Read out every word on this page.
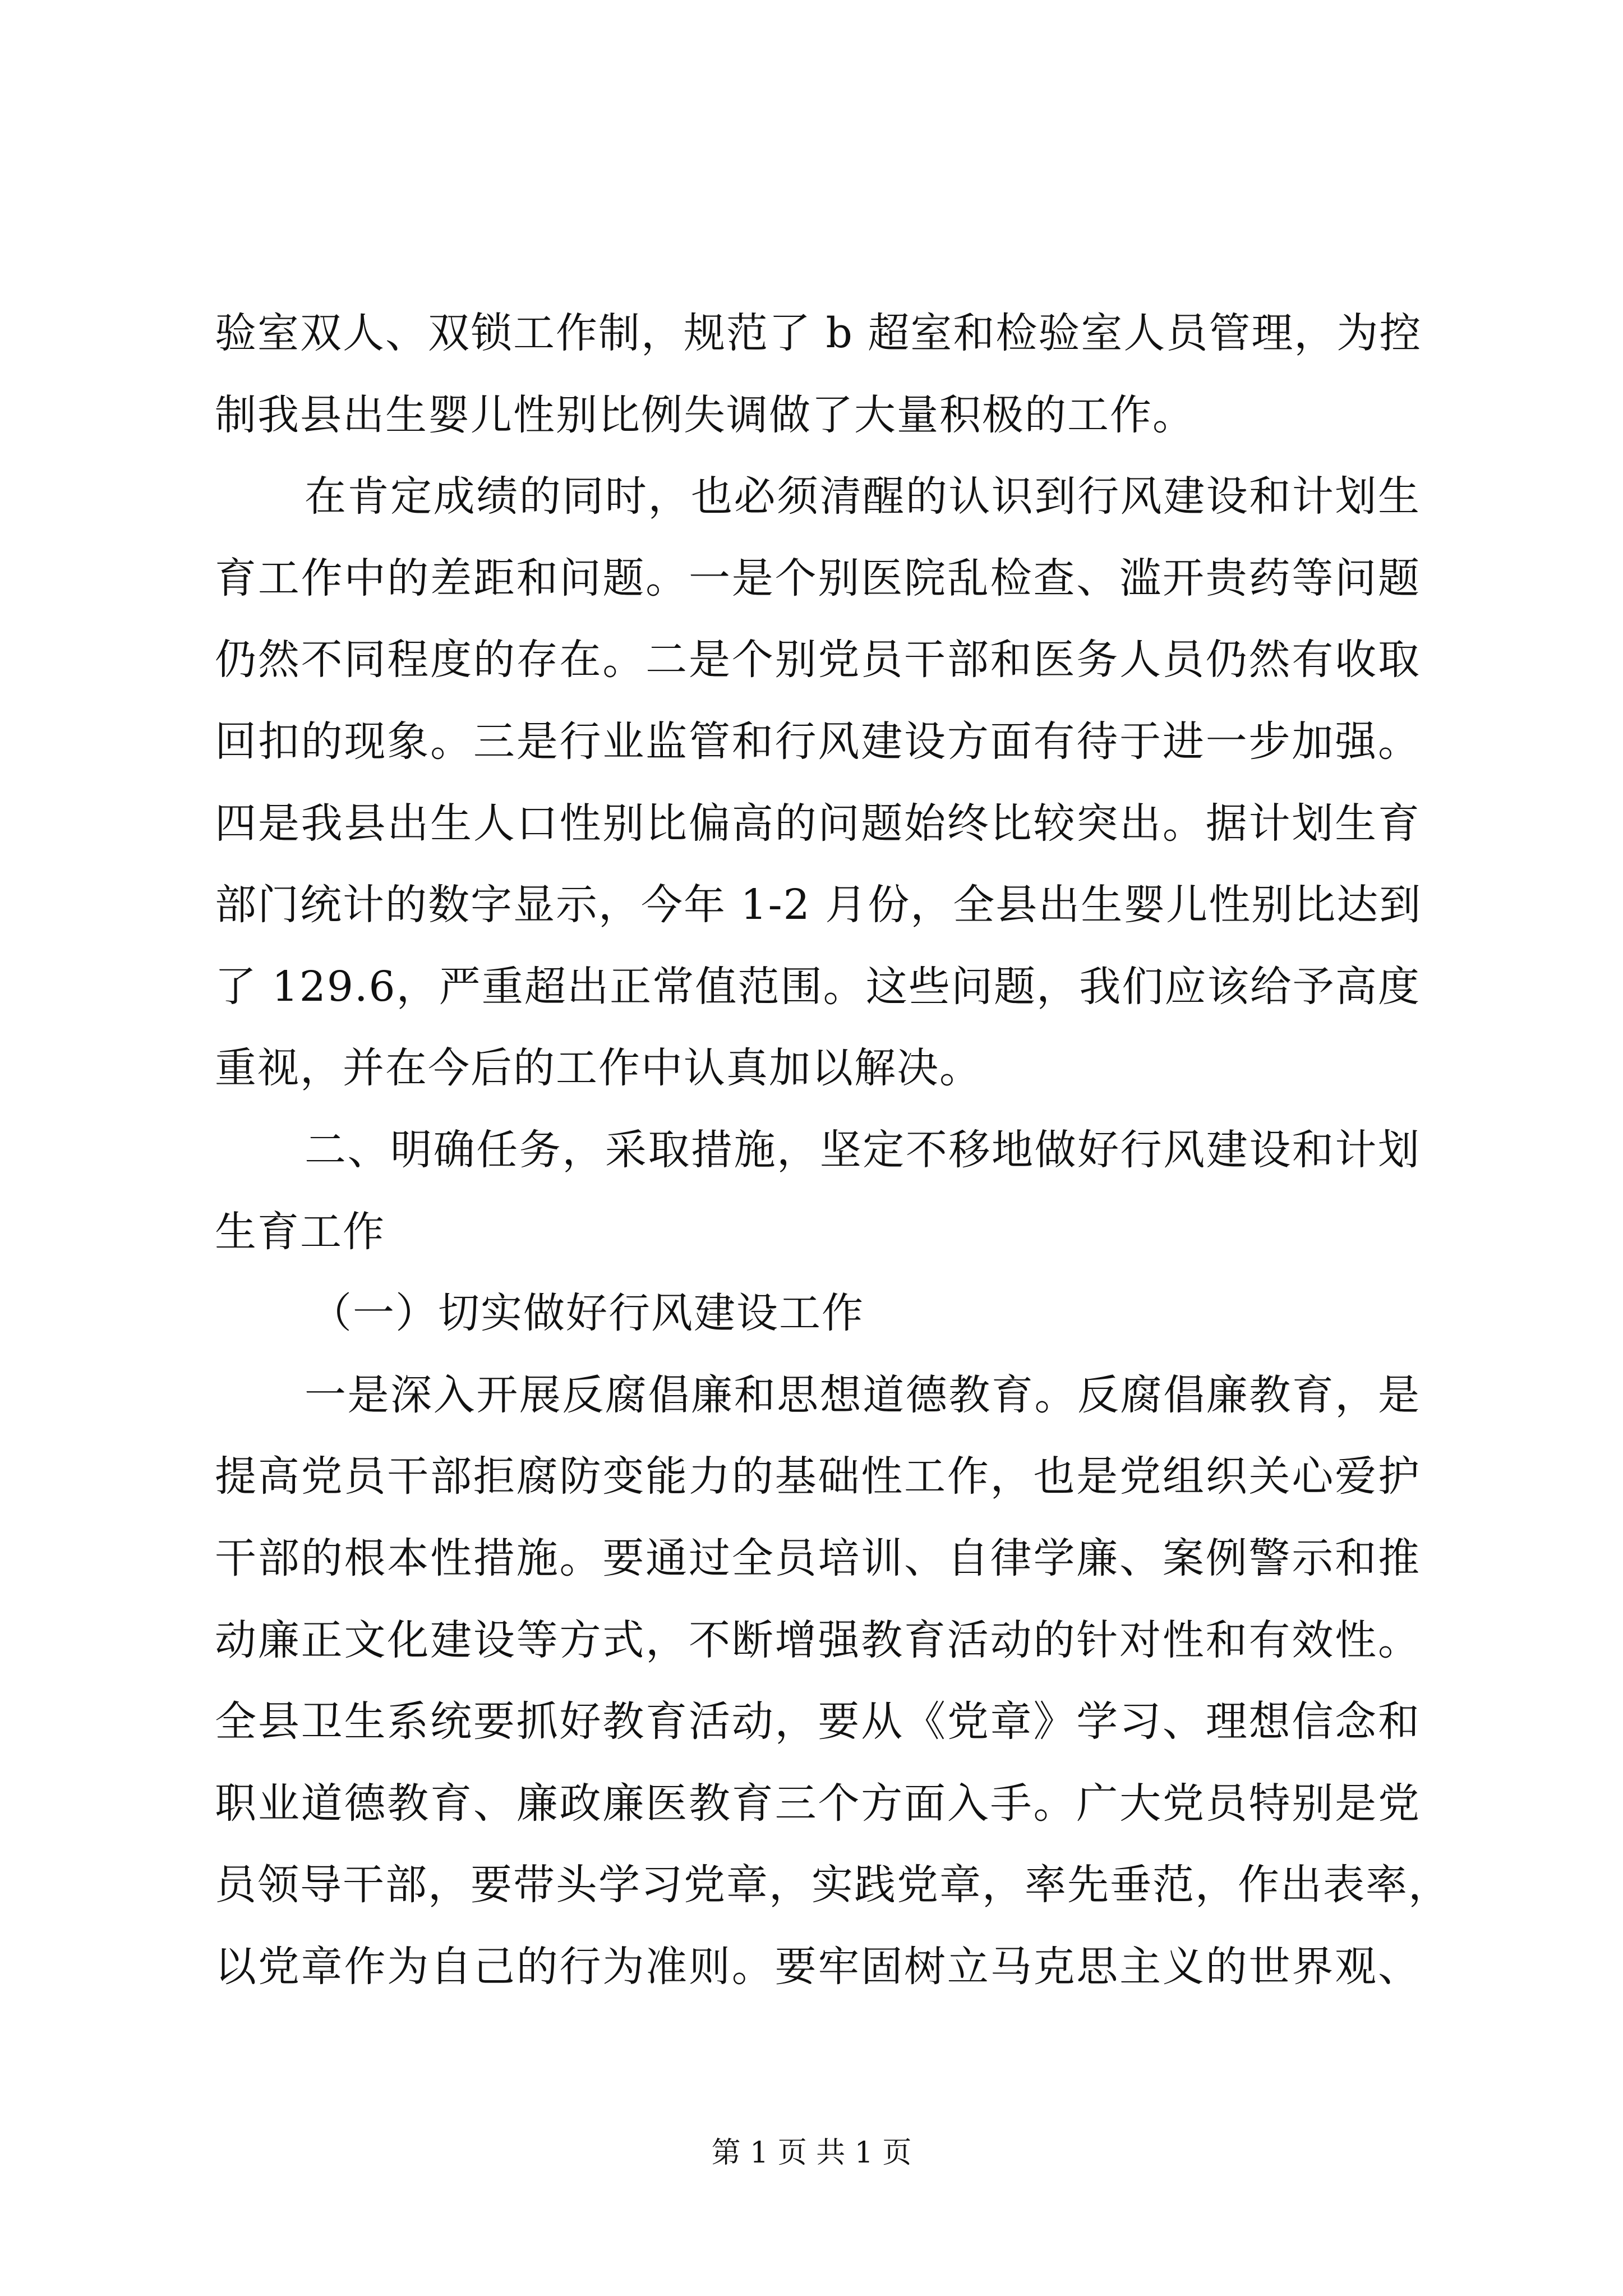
验室双人、双锁工作制，规范了 b 超室和检验室人员管理，为控
制我县出生婴儿性别比例失调做了大量积极的工作。
在肯定成绩的同时，也必须清醒的认识到行风建设和计划生
育工作中的差距和问题。一是个别医院乱检查、滥开贵药等问题
仍然不同程度的存在。二是个别党员干部和医务人员仍然有收取
回扣的现象。三是行业监管和行风建设方面有待于进一步加强。
四是我县出生人口性别比偏高的问题始终比较突出。据计划生育
部门统计的数字显示，今年 1-2 月份，全县出生婴儿性别比达到
了 129.6，严重超出正常值范围。这些问题，我们应该给予高度
重视，并在今后的工作中认真加以解决。
二、明确任务，采取措施，坚定不移地做好行风建设和计划
生育工作
（一）切实做好行风建设工作
一是深入开展反腐倡廉和思想道德教育。反腐倡廉教育，是
提高党员干部拒腐防变能力的基础性工作，也是党组织关心爱护
干部的根本性措施。要通过全员培训、自律学廉、案例警示和推
动廉正文化建设等方式，不断增强教育活动的针对性和有效性。
全县卫生系统要抓好教育活动，要从《党章》学习、理想信念和
职业道德教育、廉政廉医教育三个方面入手。广大党员特别是党
员领导干部，要带头学习党章，实践党章，率先垂范，作出表率，
以党章作为自己的行为准则。要牢固树立马克思主义的世界观、
第 1 页 共 1 页
